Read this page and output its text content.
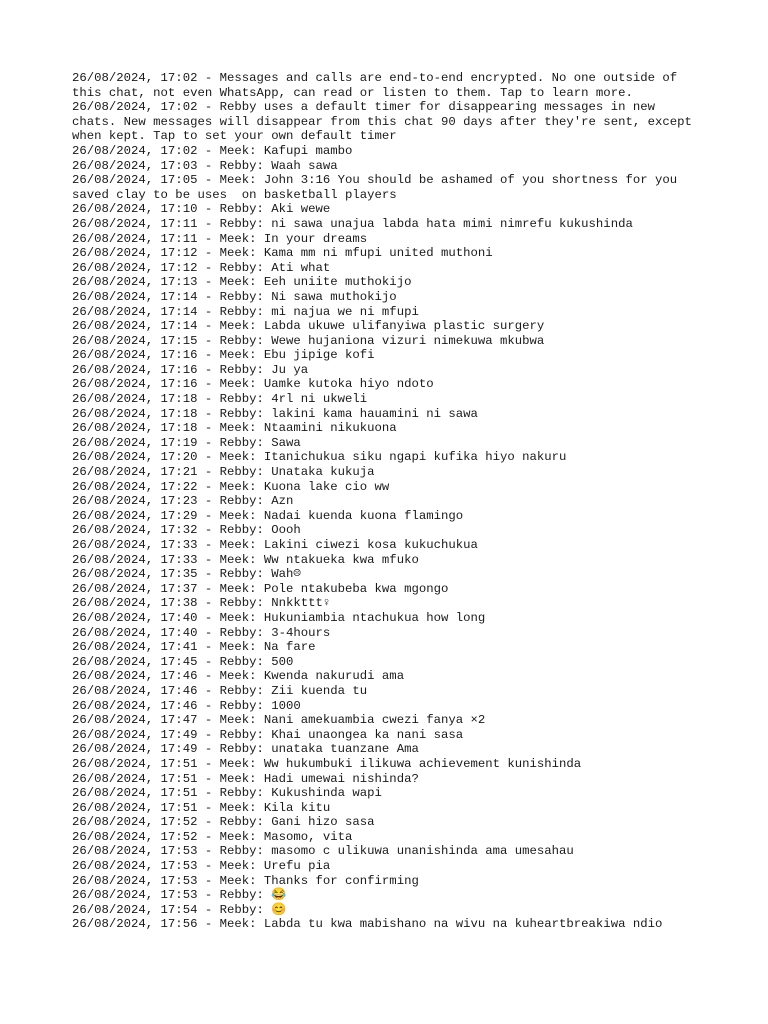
26/08/2024, 17:02 - Messages and calls are end-to-end encrypted. No one outside of this chat, not even WhatsApp, can read or listen to them. Tap to learn more.
26/08/2024, 17:02 - Rebby uses a default timer for disappearing messages in new chats. New messages will disappear from this chat 90 days after they're sent, except when kept. Tap to set your own default timer
26/08/2024, 17:02 - Meek: Kafupi mambo
26/08/2024, 17:03 - Rebby: Waah sawa
26/08/2024, 17:05 - Meek: John 3:16 You should be ashamed of you shortness for you saved clay to be uses  on basketball players
26/08/2024, 17:10 - Rebby: Aki wewe
26/08/2024, 17:11 - Rebby: ni sawa unajua labda hata mimi nimrefu kukushinda
26/08/2024, 17:11 - Meek: In your dreams
26/08/2024, 17:12 - Meek: Kama mm ni mfupi united muthoni
26/08/2024, 17:12 - Rebby: Ati what
26/08/2024, 17:13 - Meek: Eeh uniite muthokijo
26/08/2024, 17:14 - Rebby: Ni sawa muthokijo
26/08/2024, 17:14 - Rebby: mi najua we ni mfupi
26/08/2024, 17:14 - Meek: Labda ukuwe ulifanyiwa plastic surgery
26/08/2024, 17:15 - Rebby: Wewe hujaniona vizuri nimekuwa mkubwa
26/08/2024, 17:16 - Meek: Ebu jipige kofi
26/08/2024, 17:16 - Rebby: Ju ya
26/08/2024, 17:16 - Meek: Uamke kutoka hiyo ndoto
26/08/2024, 17:18 - Rebby: 4rl ni ukweli
26/08/2024, 17:18 - Rebby: lakini kama hauamini ni sawa
26/08/2024, 17:18 - Meek: Ntaamini nikukuona
26/08/2024, 17:19 - Rebby: Sawa
26/08/2024, 17:20 - Meek: Itanichukua siku ngapi kufika hiyo nakuru
26/08/2024, 17:21 - Rebby: Unataka kukuja
26/08/2024, 17:22 - Meek: Kuona lake cio ww
26/08/2024, 17:23 - Rebby: Azn
26/08/2024, 17:29 - Meek: Nadai kuenda kuona flamingo
26/08/2024, 17:32 - Rebby: Oooh
26/08/2024, 17:33 - Meek: Lakini ciwezi kosa kukuchukua
26/08/2024, 17:33 - Meek: Ww ntakueka kwa mfuko
26/08/2024, 17:35 - Rebby: Wah☹
26/08/2024, 17:37 - Meek: Pole ntakubeba kwa mgongo
26/08/2024, 17:38 - Rebby: Nnkkttt♀
26/08/2024, 17:40 - Meek: Hukuniambia ntachukua how long
26/08/2024, 17:40 - Rebby: 3-4hours
26/08/2024, 17:41 - Meek: Na fare
26/08/2024, 17:45 - Rebby: 500
26/08/2024, 17:46 - Meek: Kwenda nakurudi ama
26/08/2024, 17:46 - Rebby: Zii kuenda tu
26/08/2024, 17:46 - Rebby: 1000
26/08/2024, 17:47 - Meek: Nani amekuambia cwezi fanya ×2
26/08/2024, 17:49 - Rebby: Khai unaongea ka nani sasa
26/08/2024, 17:49 - Rebby: unataka tuanzane Ama
26/08/2024, 17:51 - Meek: Ww hukumbuki ilikuwa achievement kunishinda
26/08/2024, 17:51 - Meek: Hadi umewai nishinda?
26/08/2024, 17:51 - Rebby: Kukushinda wapi
26/08/2024, 17:51 - Meek: Kila kitu
26/08/2024, 17:52 - Rebby: Gani hizo sasa
26/08/2024, 17:52 - Meek: Masomo, vita
26/08/2024, 17:53 - Rebby: masomo c ulikuwa unanishinda ama umesahau
26/08/2024, 17:53 - Meek: Urefu pia
26/08/2024, 17:53 - Meek: Thanks for confirming
26/08/2024, 17:53 - Rebby: 😂
26/08/2024, 17:54 - Rebby: 😊
26/08/2024, 17:56 - Meek: Labda tu kwa mabishano na wivu na kuheartbreakiwa ndio
